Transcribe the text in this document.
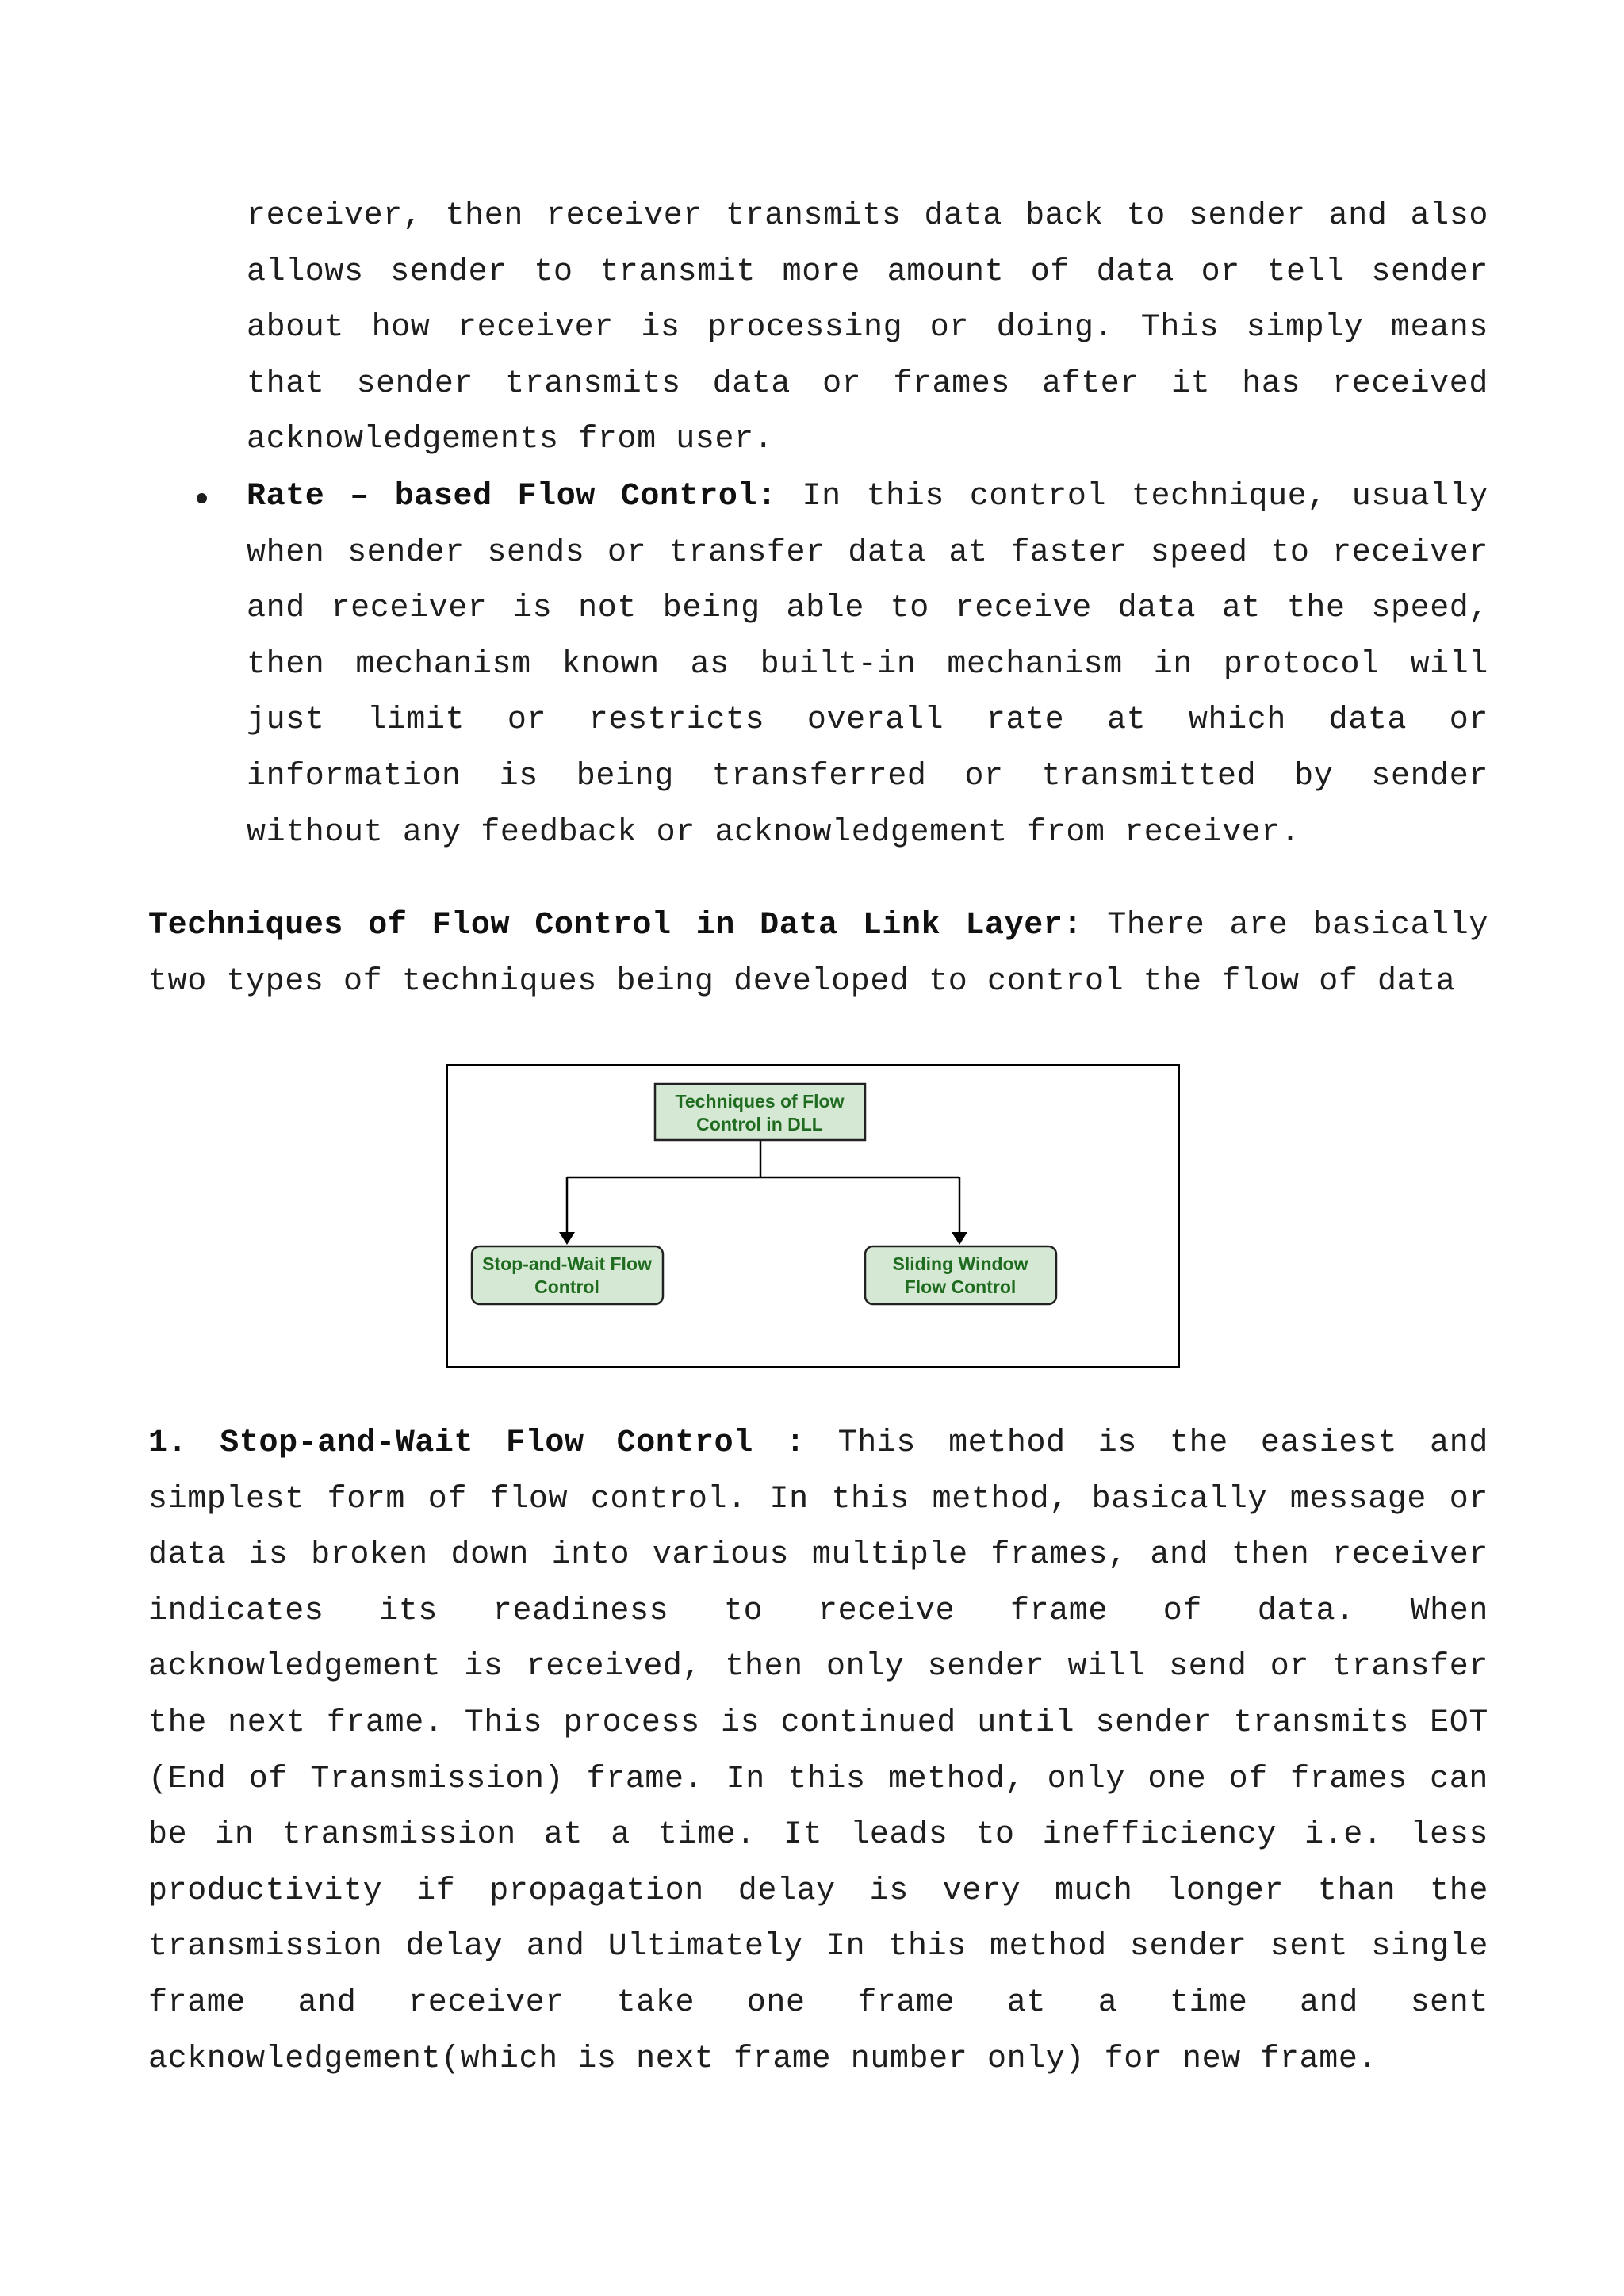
receiver, then receiver transmits data back to sender and also allows sender to transmit more amount of data or tell sender about how receiver is processing or doing. This simply means that sender transmits data or frames after it has received acknowledgements from user.

Rate – based Flow Control: In this control technique, usually when sender sends or transfer data at faster speed to receiver and receiver is not being able to receive data at the speed, then mechanism known as built-in mechanism in protocol will just limit or restricts overall rate at which data or information is being transferred or transmitted by sender without any feedback or acknowledgement from receiver.

Techniques of Flow Control in Data Link Layer: There are basically two types of techniques being developed to control the flow of data

Techniques of Flow
Control in DLL
Stop-and-Wait Flow
Control
Sliding Window
Flow Control

1. Stop-and-Wait Flow Control : This method is the easiest and simplest form of flow control. In this method, basically message or data is broken down into various multiple frames, and then receiver indicates its readiness to receive frame of data. When acknowledgement is received, then only sender will send or transfer the next frame. This process is continued until sender transmits EOT (End of Transmission) frame. In this method, only one of frames can be in transmission at a time. It leads to inefficiency i.e. less productivity if propagation delay is very much longer than the transmission delay and Ultimately In this method sender sent single frame and receiver take one frame at a time and sent acknowledgement(which is next frame number only) for new frame.
